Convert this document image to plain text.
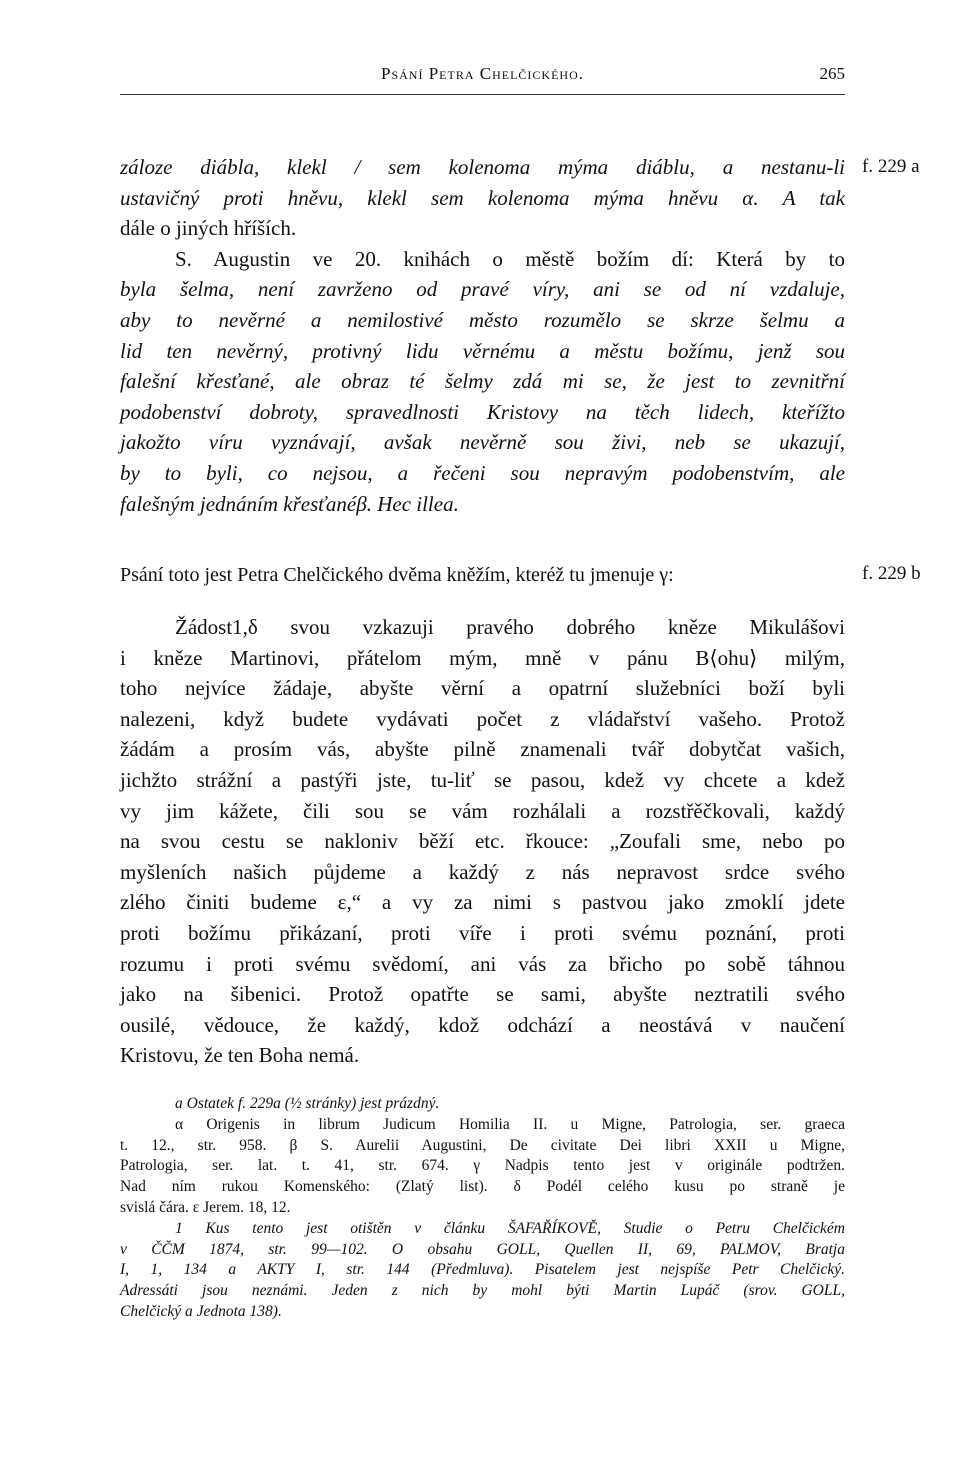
Psání Petra Chelčického.	265
f. 229 a
f. 229 b
záloze diábla, klekl / sem kolenoma mýma diáblu, a nestanu-li
ustavičný proti hněvu, klekl sem kolenoma mýma hněvu α. A tak
dále o jiných hříších.
S. Augustin ve 20. knihách o městě božím dí: Která by to
byla šelma, není zavrženo od pravé víry, ani se od ní vzdaluje,
aby to nevěrné a nemilostivé město rozumělo se skrze šelmu a
lid ten nevěrný, protivný lidu věrnému a městu božímu, jenž sou
falešní křesťané, ale obraz té šelmy zdá mi se, že jest to zevnitřní
podobenství dobroty, spravedlnosti Kristovy na těch lidech, kteřížto
jakožto víru vyznávají, avšak nevěrně sou živi, neb se ukazují,
by to byli, co nejsou, a řečeni sou nepravým podobenstvím, ale
falešným jednáním křesťanéβ. Hec illea.
Psání toto jest Petra Chelčického dvěma kněžím, kteréž tu jmenuje γ:
Žádost1,δ svou vzkazuji pravého dobrého kněze Mikulášovi
i kněze Martinovi, přátelom mým, mně v pánu B⟨ohu⟩ milým,
toho nejvíce žádaje, abyšte věrní a opatrní služebníci boží byli
nalezeni, když budete vydávati počet z vládařství vašeho. Protož
žádám a prosím vás, abyšte pilně znamenali tvář dobytčat vašich,
jichžto strážní a pastýři jste, tu-liť se pasou, kdež vy chcete a kdež
vy jim kážete, čili sou se vám rozhálali a rozstřěčkovali, každý
na svou cestu se nakloniv běží etc. řkouce: „Zoufali sme, nebo po
myšleních našich půjdeme a každý z nás nepravost srdce svého
zlého činiti budeme ε,“ a vy za nimi s pastvou jako zmoklí jdete
proti božímu přikázaní, proti víře i proti svému poznání, proti
rozumu i proti svému svědomí, ani vás za břicho po sobě táhnou
jako na šibenici. Protož opatřte se sami, abyšte neztratili svého
ousilé, vědouce, že každý, kdož odchází a neostává v naučení
Kristovu, že ten Boha nemá.
a Ostatek f. 229a (½ stránky) jest prázdný.
α Origenis in librum Judicum Homilia II. u Migne, Patrologia, ser. graeca
t. 12., str. 958. β S. Aurelii Augustini, De civitate Dei libri XXII u Migne,
Patrologia, ser. lat. t. 41, str. 674. γ Nadpis tento jest v originále podtržen.
Nad ním rukou Komenského: (Zlatý list). δ Podél celého kusu po straně je
svislá čára. ε Jerem. 18, 12.
1 Kus tento jest otištěn v článku ŠAFAŘÍKOVĚ, Studie o Petru Chelčickém
v ČČM 1874, str. 99—102. O obsahu GOLL, Quellen II, 69, PALMOV, Bratja
I, 1, 134 a AKTY I, str. 144 (Předmluva). Pisatelem jest nejspíše Petr Chelčický.
Adressáti jsou neznámi. Jeden z nich by mohl býti Martin Lupáč (srov. GOLL,
Chelčický a Jednota 138).
